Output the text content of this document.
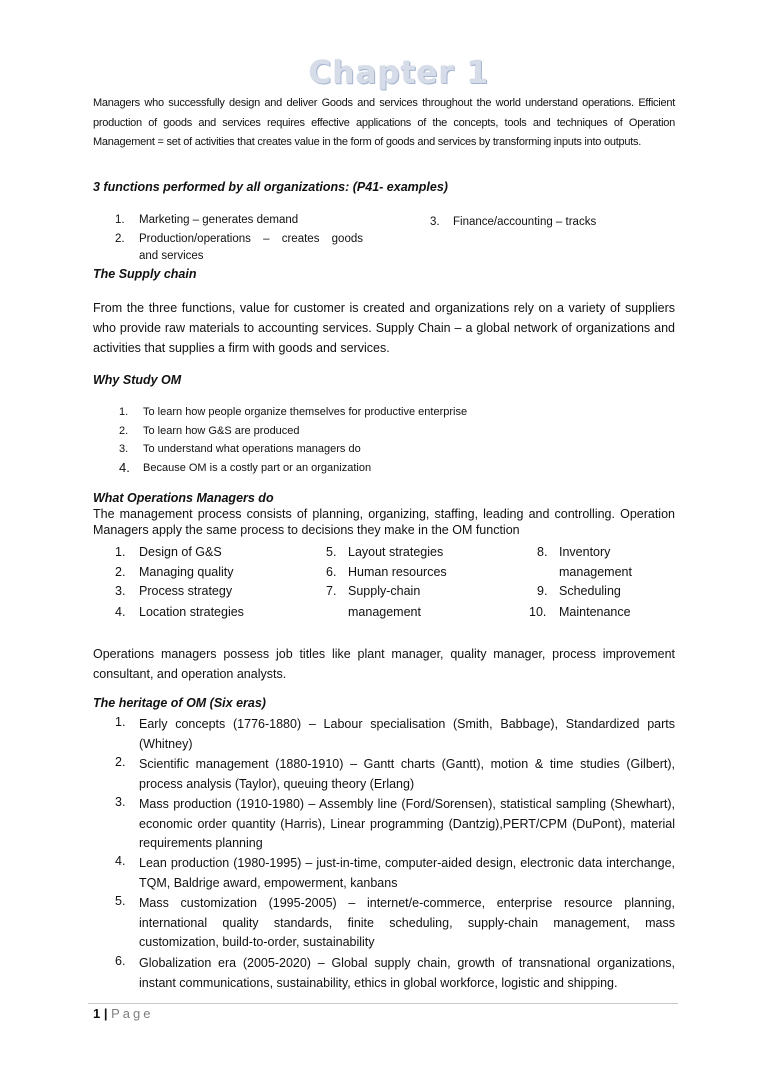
Chapter 1
Managers who successfully design and deliver Goods and services throughout the world understand operations. Efficient production of goods and services requires effective applications of the concepts, tools and techniques of Operation Management = set of activities that creates value in the form of goods and services by transforming inputs into outputs.
3 functions performed by all organizations: (P41- examples)
1. Marketing – generates demand
2. Production/operations – creates goods
and services
3. Finance/accounting – tracks
The Supply chain
From the three functions, value for customer is created and organizations rely on a variety of suppliers who provide raw materials to accounting services. Supply Chain – a global network of organizations and activities that supplies a firm with goods and services.
Why Study OM
1. To learn how people organize themselves for productive enterprise
2. To learn how G&S are produced
3. To understand what operations managers do
4. Because OM is a costly part or an organization
What Operations Managers do
The management process consists of planning, organizing, staffing, leading and controlling. Operation Managers apply the same process to decisions they make in the OM function
1. Design of G&S
2. Managing quality
3. Process strategy
4. Location strategies
5. Layout strategies
6. Human resources
7. Supply-chain
management
8. Inventory
management
9. Scheduling
10. Maintenance
Operations managers possess job titles like plant manager, quality manager, process improvement consultant, and operation analysts.
The heritage of OM (Six eras)
1. Early concepts (1776-1880) – Labour specialisation (Smith, Babbage), Standardized parts (Whitney)
2. Scientific management (1880-1910) – Gantt charts (Gantt), motion & time studies (Gilbert), process analysis (Taylor), queuing theory (Erlang)
3. Mass production (1910-1980) – Assembly line (Ford/Sorensen), statistical sampling (Shewhart), economic order quantity (Harris), Linear programming (Dantzig),PERT/CPM (DuPont), material requirements planning
4. Lean production (1980-1995) – just-in-time, computer-aided design, electronic data interchange, TQM, Baldrige award, empowerment, kanbans
5. Mass customization (1995-2005) – internet/e-commerce, enterprise resource planning, international quality standards, finite scheduling, supply-chain management, mass customization, build-to-order, sustainability
6. Globalization era (2005-2020) – Global supply chain, growth of transnational organizations, instant communications, sustainability, ethics in global workforce, logistic and shipping.
1 | Page
